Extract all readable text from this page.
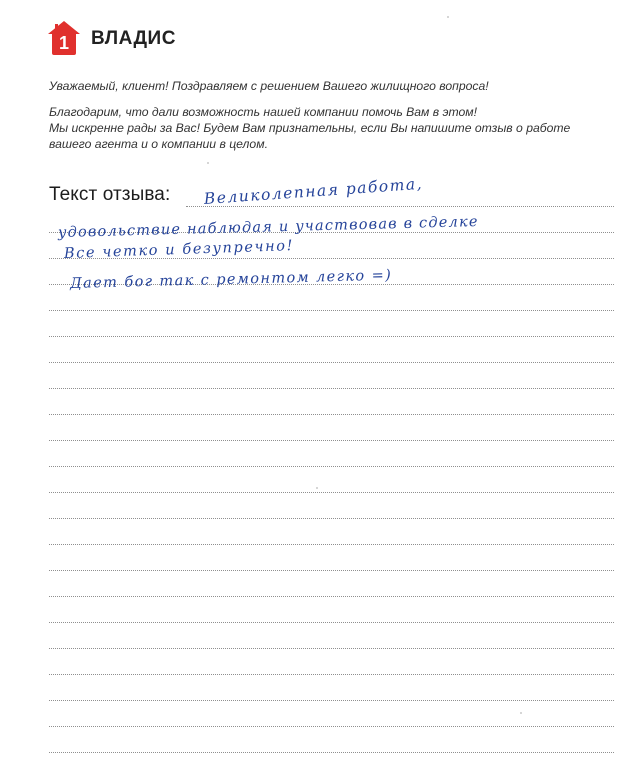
1 ВЛАДИС
Уважаемый, клиент! Поздравляем с решением Вашего жилищного вопроса!
Благодарим, что дали возможность нашей компании помочь Вам в этом!
Мы искренне рады за Вас! Будем Вам признательны, если Вы напишите отзыв о работе
вашего агента и о компании в целом.
Текст отзыва: Великолепная работа,
удовольствие наблюдая и участвовав в сделке
Все четко и безупречно!
Дает бог так с ремонтом легко =)
